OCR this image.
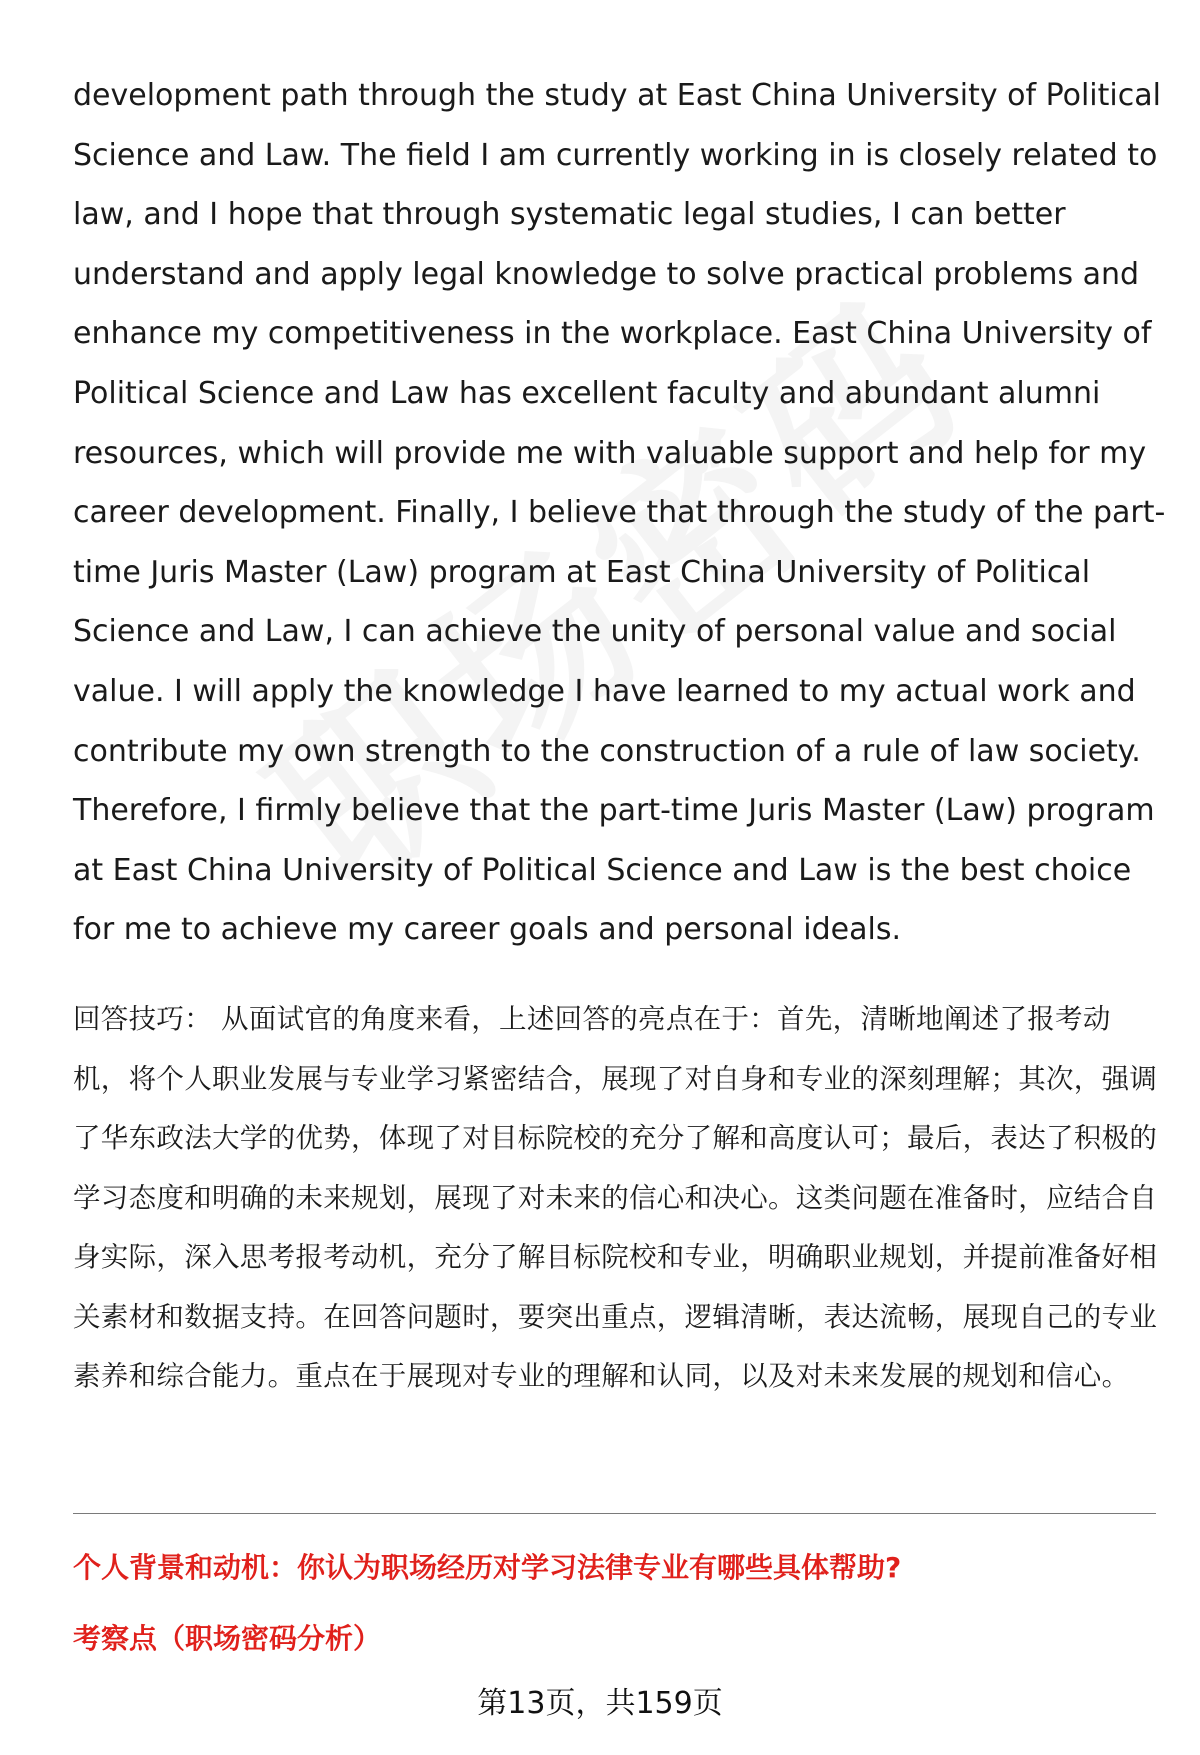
development path through the study at East China University of Political Science and Law. The field I am currently working in is closely related to law, and I hope that through systematic legal studies, I can better understand and apply legal knowledge to solve practical problems and enhance my competitiveness in the workplace. East China University of Political Science and Law has excellent faculty and abundant alumni resources, which will provide me with valuable support and help for my career development. Finally, I believe that through the study of the part-time Juris Master (Law) program at East China University of Political Science and Law, I can achieve the unity of personal value and social value. I will apply the knowledge I have learned to my actual work and contribute my own strength to the construction of a rule of law society. Therefore, I firmly believe that the part-time Juris Master (Law) program at East China University of Political Science and Law is the best choice for me to achieve my career goals and personal ideals.

回答技巧： 从面试官的角度来看，上述回答的亮点在于：首先，清晰地阐述了报考动机，将个人职业发展与专业学习紧密结合，展现了对自身和专业的深刻理解；其次，强调了华东政法大学的优势，体现了对目标院校的充分了解和高度认可；最后，表达了积极的学习态度和明确的未来规划，展现了对未来的信心和决心。这类问题在准备时，应结合自身实际，深入思考报考动机，充分了解目标院校和专业，明确职业规划，并提前准备好相关素材和数据支持。在回答问题时，要突出重点，逻辑清晰，表达流畅，展现自己的专业素养和综合能力。重点在于展现对专业的理解和认同，以及对未来发展的规划和信心。

个人背景和动机：你认为职场经历对学习法律专业有哪些具体帮助?
考察点（职场密码分析）
第13页，共159页
